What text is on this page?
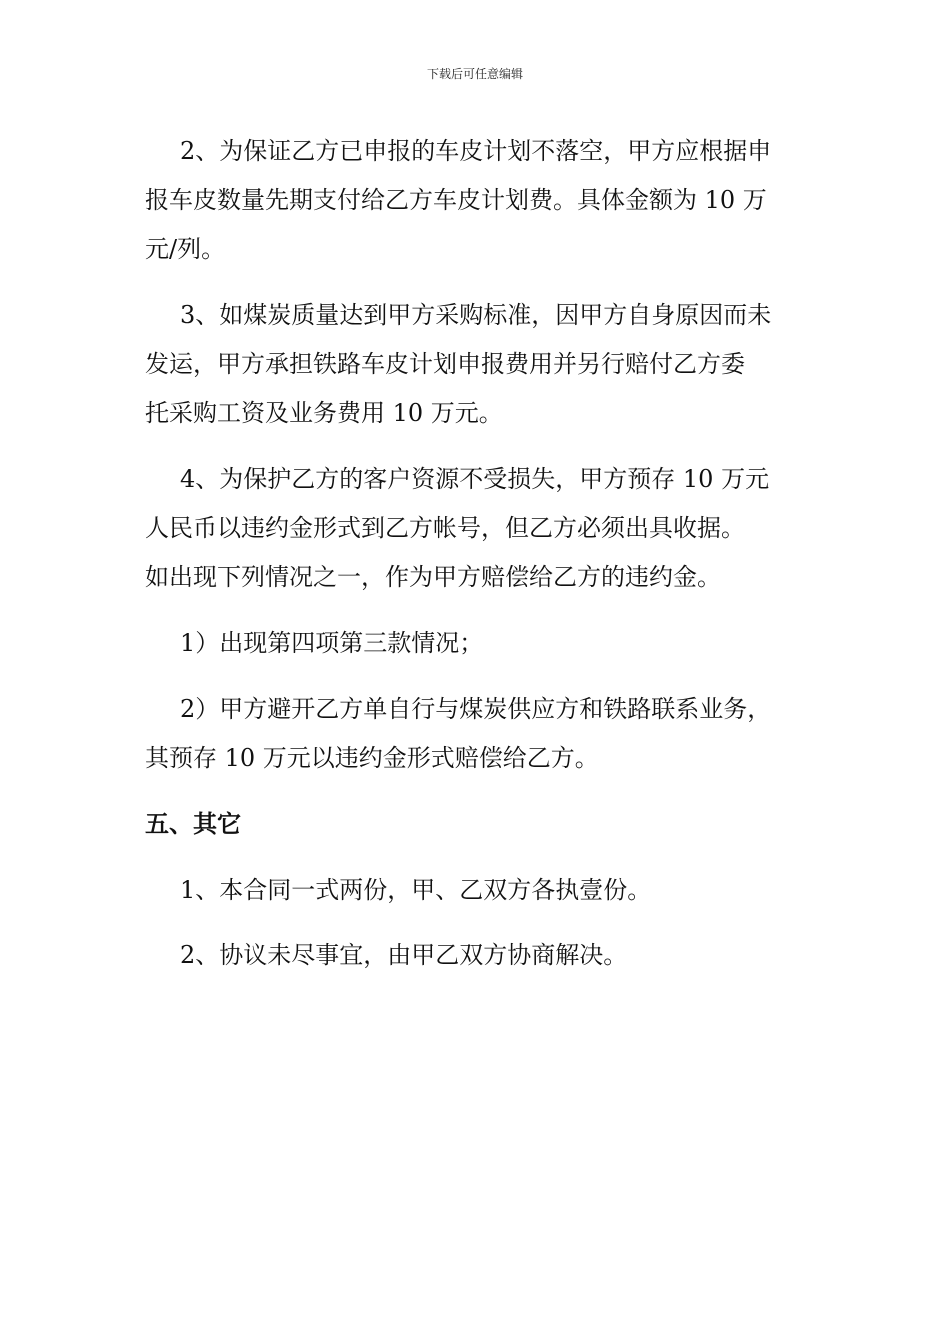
下载后可任意编辑
2、为保证乙方已申报的车皮计划不落空，甲方应根据申
报车皮数量先期支付给乙方车皮计划费。具体金额为 10 万
元/列。
3、如煤炭质量达到甲方采购标准，因甲方自身原因而未
发运，甲方承担铁路车皮计划申报费用并另行赔付乙方委
托采购工资及业务费用 10 万元。
4、为保护乙方的客户资源不受损失，甲方预存 10 万元
人民币以违约金形式到乙方帐号，但乙方必须出具收据。
如出现下列情况之一，作为甲方赔偿给乙方的违约金。
1）出现第四项第三款情况；
2）甲方避开乙方单自行与煤炭供应方和铁路联系业务，
其预存 10 万元以违约金形式赔偿给乙方。
五、其它
1、本合同一式两份，甲、乙双方各执壹份。
2、协议未尽事宜，由甲乙双方协商解决。
